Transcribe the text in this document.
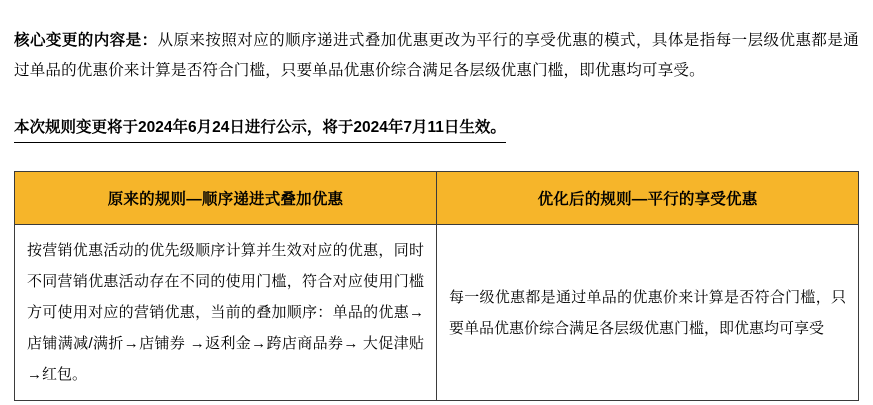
核心变更的内容是：从原来按照对应的顺序递进式叠加优惠更改为平行的享受优惠的模式，具体是指每一层级优惠都是通过单品的优惠价来计算是否符合门槛，只要单品优惠价综合满足各层级优惠门槛，即优惠均可享受。

本次规则变更将于2024年6月24日进行公示，将于2024年7月11日生效。
原来的规则—顺序递进式叠加优惠	优化后的规则—平行的享受优惠
按营销优惠活动的优先级顺序计算并生效对应的优惠，同时不同营销优惠活动存在不同的使用门槛，符合对应使用门槛方可使用对应的营销优惠，当前的叠加顺序：单品的优惠→店铺满减/满折→店铺券 →返利金→跨店商品券→ 大促津贴→红包。	每一级优惠都是通过单品的优惠价来计算是否符合门槛，只要单品优惠价综合满足各层级优惠门槛，即优惠均可享受
